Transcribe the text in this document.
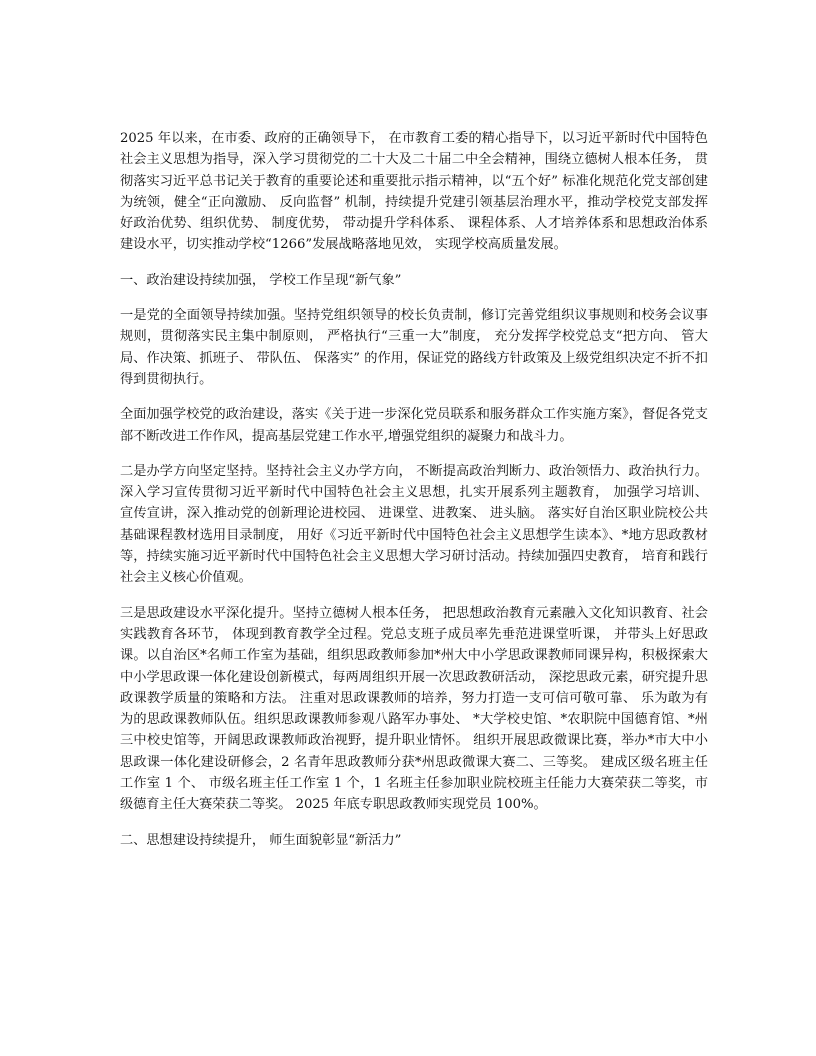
2025 年以来，在市委、政府的正确领导下， 在市教育工委的精心指导下，以习近平新时代中国特色社会主义思想为指导，深入学习贯彻党的二十大及二十届二中全会精神，围绕立德树人根本任务， 贯彻落实习近平总书记关于教育的重要论述和重要批示指示精神，以“五个好” 标准化规范化党支部创建为统领，健全“正向激励、 反向监督” 机制，持续提升党建引领基层治理水平，推动学校党支部发挥好政治优势、组织优势、 制度优势， 带动提升学科体系、 课程体系、人才培养体系和思想政治体系建设水平，切实推动学校“1266”发展战略落地见效， 实现学校高质量发展。

一、政治建设持续加强， 学校工作呈现“新气象”

一是党的全面领导持续加强。坚持党组织领导的校长负责制，修订完善党组织议事规则和校务会议事规则，贯彻落实民主集中制原则， 严格执行“三重一大”制度， 充分发挥学校党总支“把方向、 管大局、作决策、抓班子、 带队伍、 保落实” 的作用，保证党的路线方针政策及上级党组织决定不折不扣得到贯彻执行。

全面加强学校党的政治建设，落实《关于进一步深化党员联系和服务群众工作实施方案》，督促各党支部不断改进工作作风，提高基层党建工作水平,增强党组织的凝聚力和战斗力。

二是办学方向坚定坚持。坚持社会主义办学方向， 不断提高政治判断力、政治领悟力、政治执行力。 深入学习宣传贯彻习近平新时代中国特色社会主义思想，扎实开展系列主题教育， 加强学习培训、 宣传宣讲，深入推动党的创新理论进校园、 进课堂、进教案、 进头脑。 落实好自治区职业院校公共基础课程教材选用目录制度， 用好《习近平新时代中国特色社会主义思想学生读本》、*地方思政教材等，持续实施习近平新时代中国特色社会主义思想大学习研讨活动。持续加强四史教育， 培育和践行社会主义核心价值观。

三是思政建设水平深化提升。坚持立德树人根本任务， 把思想政治教育元素融入文化知识教育、社会实践教育各环节， 体现到教育教学全过程。党总支班子成员率先垂范进课堂听课， 并带头上好思政课。以自治区*名师工作室为基础，组织思政教师参加*州大中小学思政课教师同课异构，积极探索大中小学思政课一体化建设创新模式，每两周组织开展一次思政教研活动， 深挖思政元素，研究提升思政课教学质量的策略和方法。 注重对思政课教师的培养，努力打造一支可信可敬可靠、 乐为敢为有为的思政课教师队伍。组织思政课教师参观八路军办事处、 *大学校史馆、*农职院中国德育馆、*州三中校史馆等，开阔思政课教师政治视野，提升职业情怀。 组织开展思政微课比赛，举办*市大中小思政课一体化建设研修会，2 名青年思政教师分获*州思政微课大赛二、三等奖。 建成区级名班主任工作室 1 个、 市级名班主任工作室 1 个，1 名班主任参加职业院校班主任能力大赛荣获二等奖，市级德育主任大赛荣获二等奖。 2025 年底专职思政教师实现党员 100%。

二、思想建设持续提升， 师生面貌彰显“新活力”
